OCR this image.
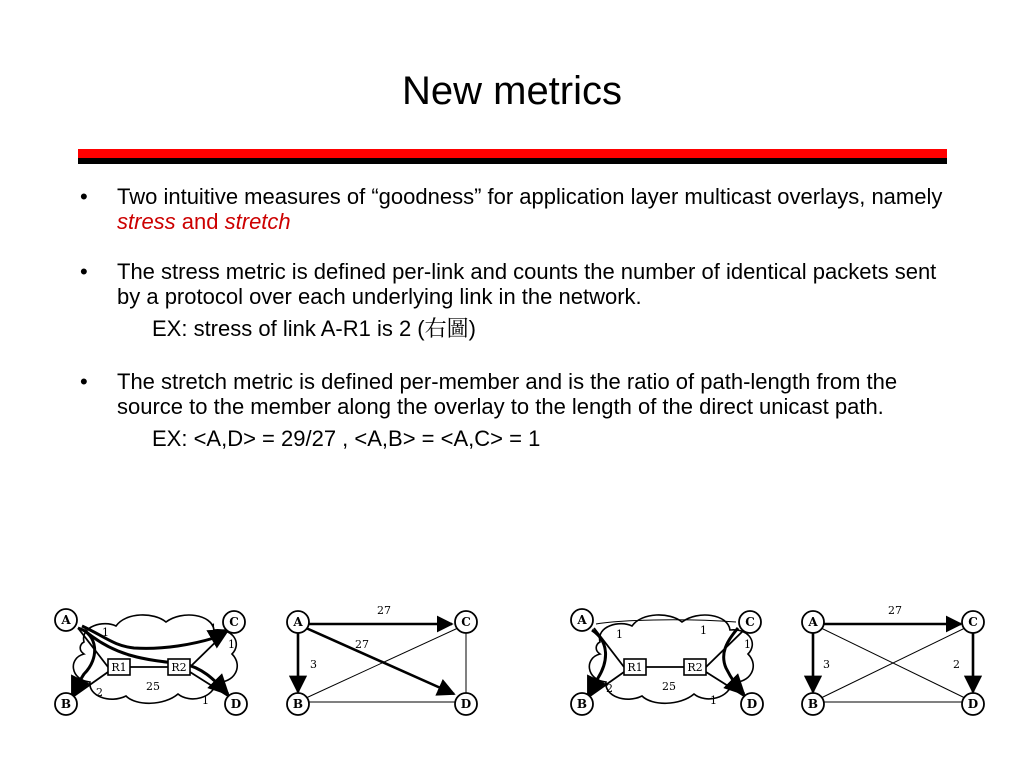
New metrics
• Two intuitive measures of “goodness” for application layer multicast overlays, namely stress and stretch
• The stress metric is defined per-link and counts the number of identical packets sent by a protocol over each underlying link in the network.
EX: stress of link A-R1 is 2 (右圖)
• The stretch metric is defined per-member and is the ratio of path-length from the source to the member along the overlay to the length of the direct unicast path.
EX: <A,D> = 29/27 , <A,B> = <A,C> = 1
R1	R2
A	C
B	D
1	1
1
25
2
1
A	C
B	D
27
27
3	R1	R2
A	C
B	D
1	1
1
25
2
1
A	C
B	D
27
3	2
